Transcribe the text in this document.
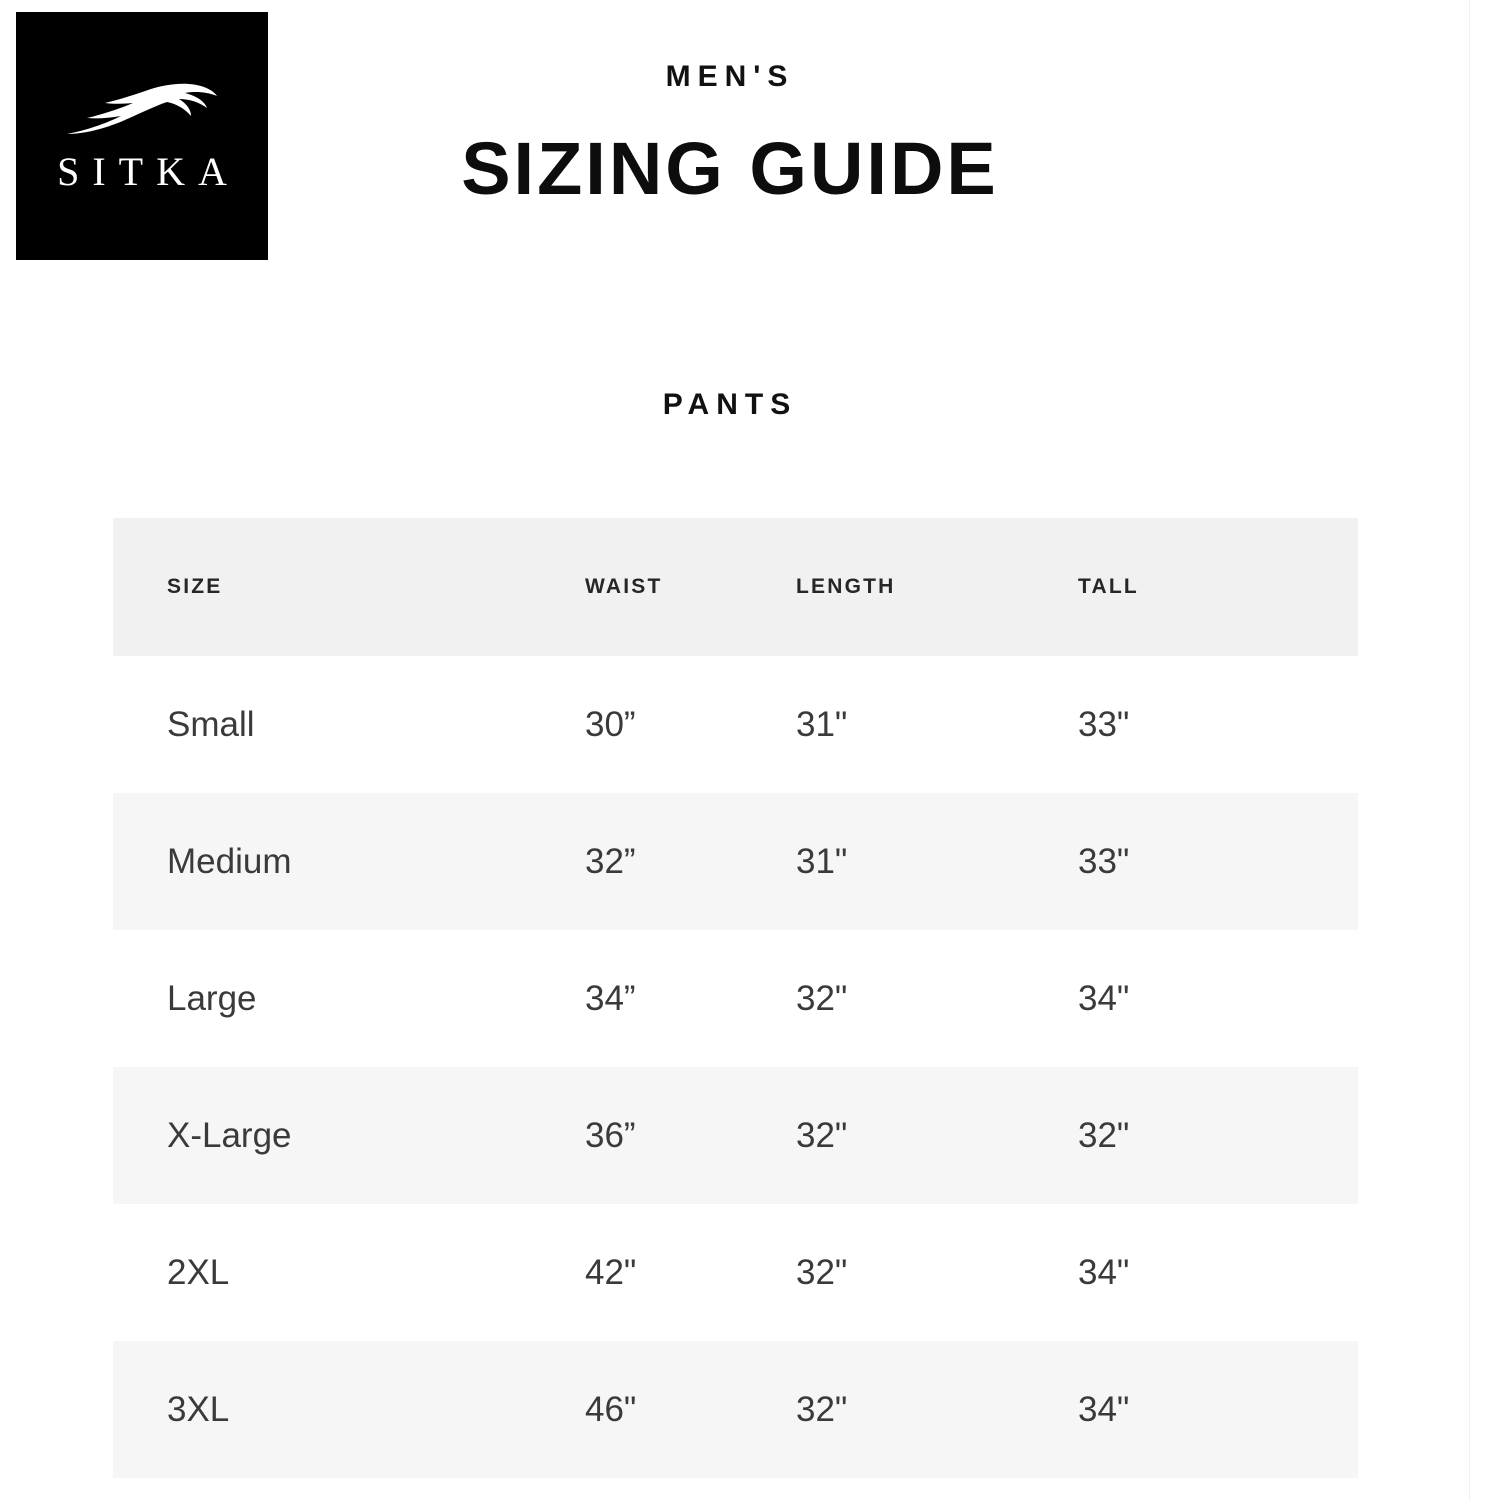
SITKA
MEN'S
SIZING GUIDE
PANTS
SIZE	WAIST	LENGTH	TALL
Small	30”	31"	33"
Medium	32”	31"	33"
Large	34”	32"	34"
X-Large	36”	32"	32"
2XL	42"	32"	34"
3XL	46"	32"	34"
